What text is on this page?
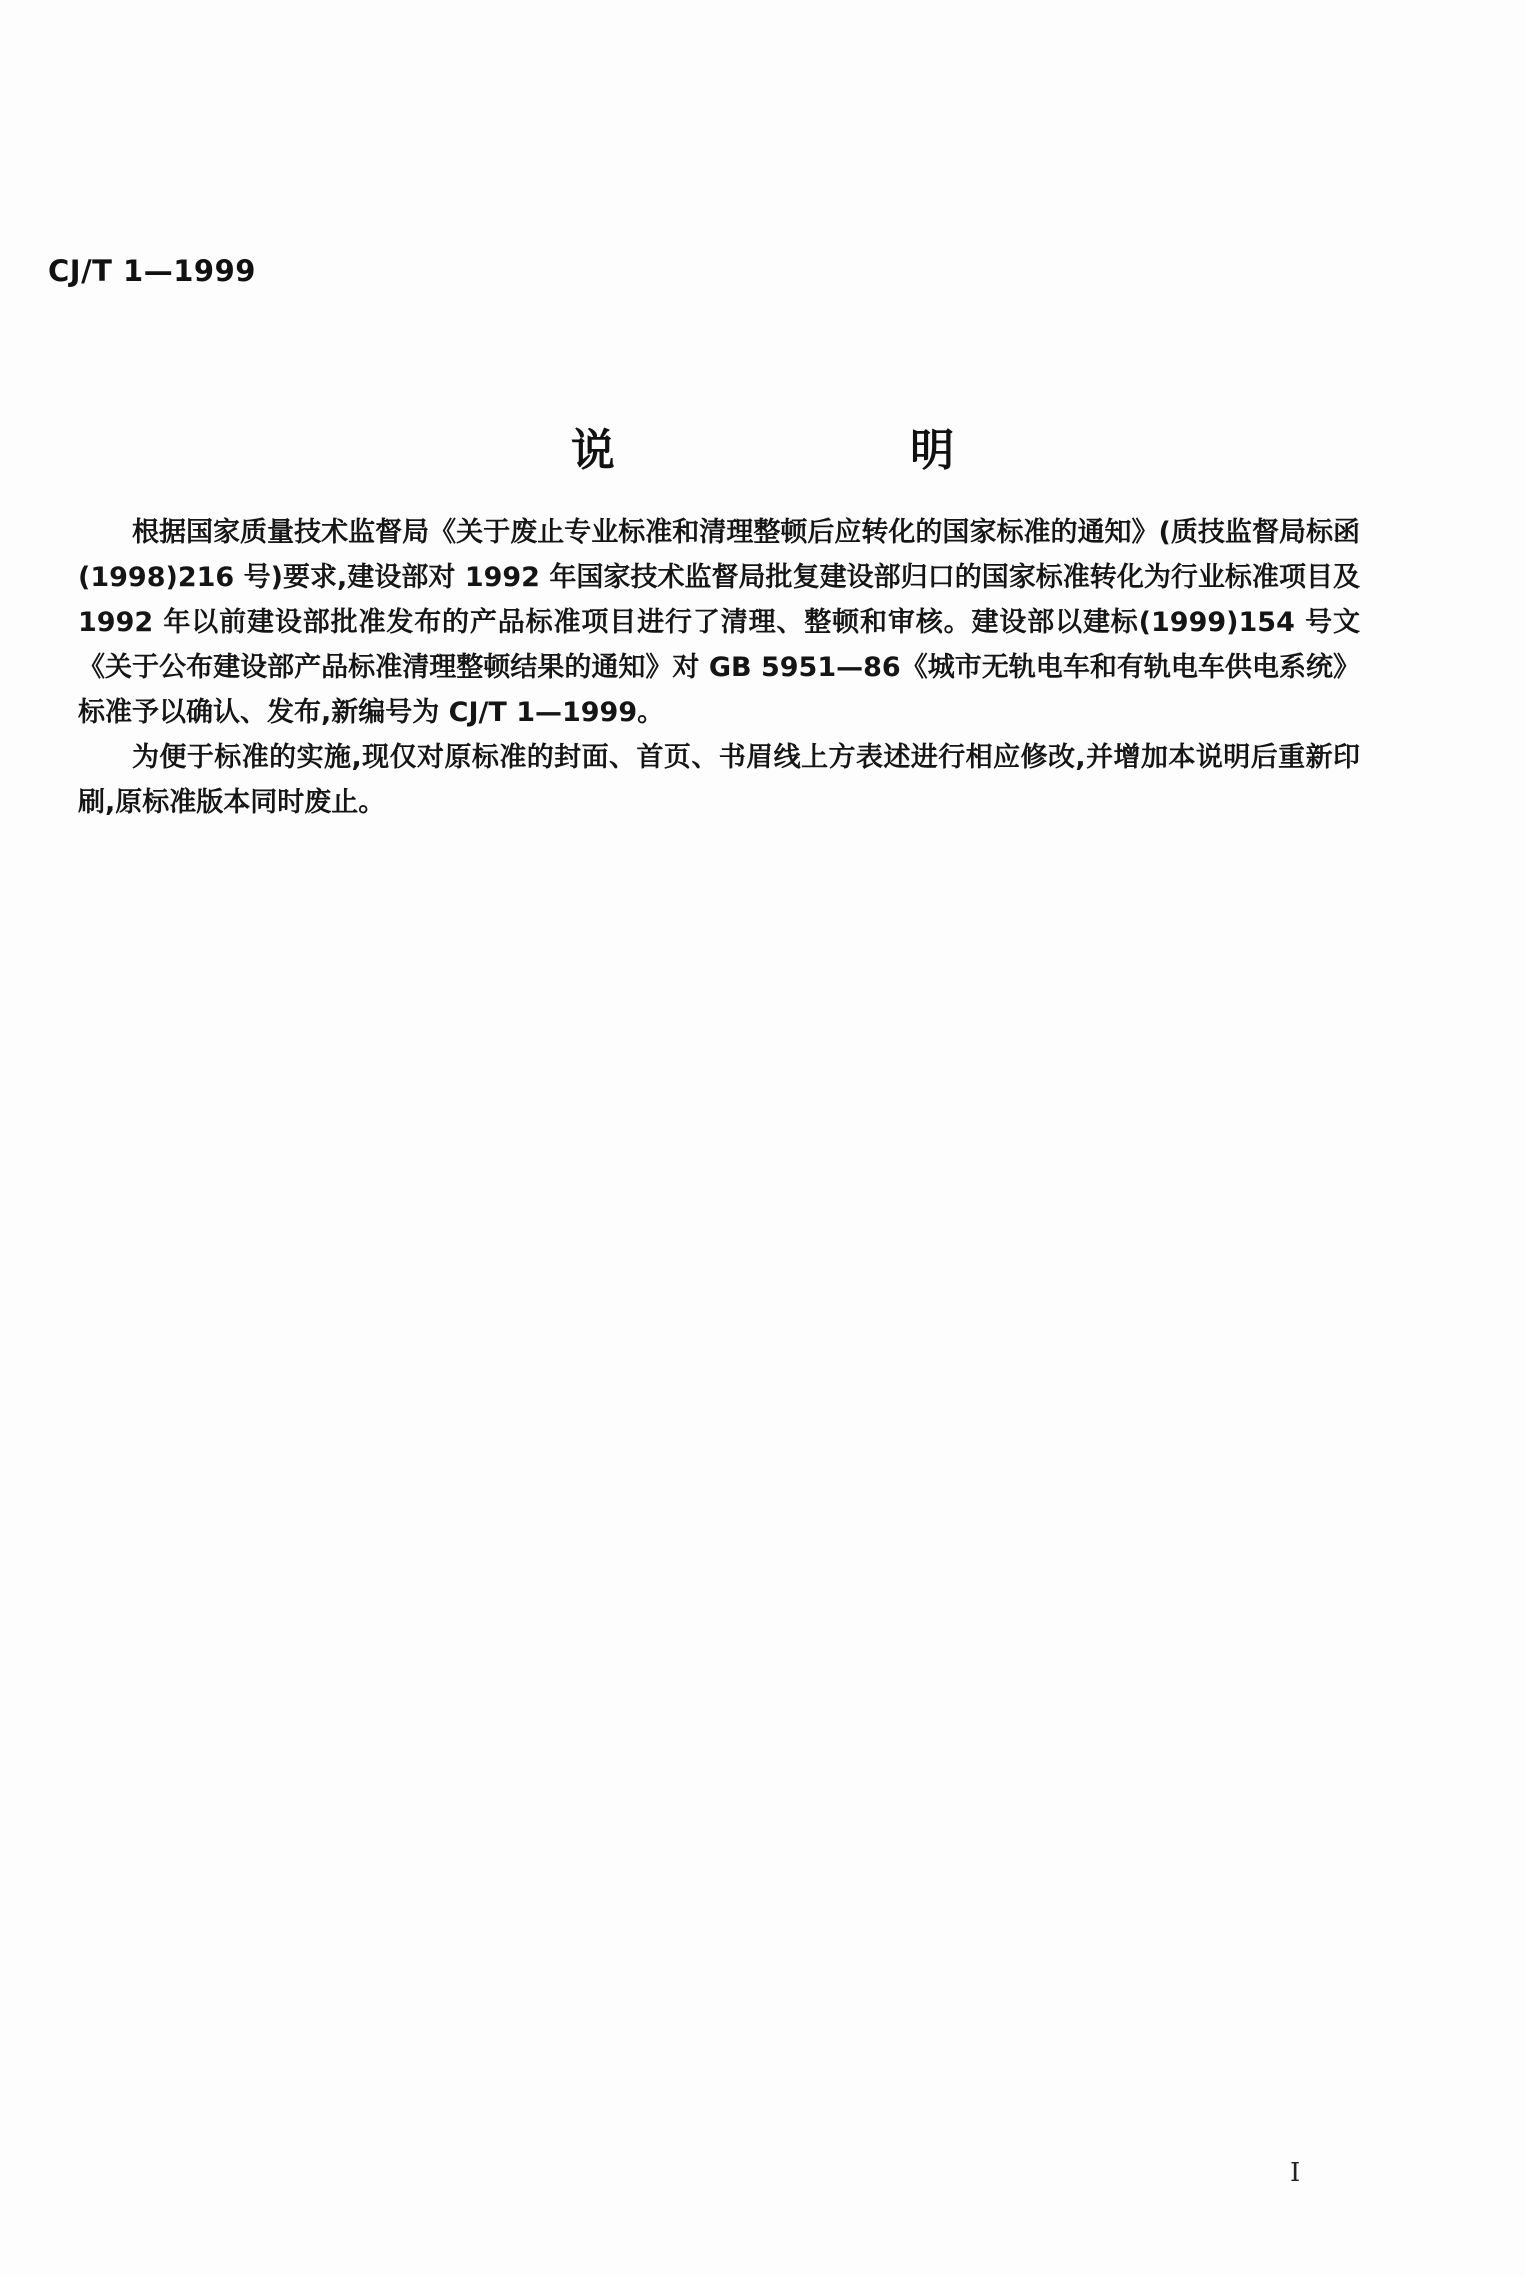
CJ/T 1—1999
说 明

根据国家质量技术监督局《关于废止专业标准和清理整顿后应转化的国家标准的通知》(质技监督局标函(1998)216 号)要求,建设部对 1992 年国家技术监督局批复建设部归口的国家标准转化为行业标准项目及 1992 年以前建设部批准发布的产品标准项目进行了清理、整顿和审核。建设部以建标(1999)154 号文《关于公布建设部产品标准清理整顿结果的通知》对 GB 5951—86《城市无轨电车和有轨电车供电系统》标准予以确认、发布,新编号为 CJ/T 1—1999。

为便于标准的实施,现仅对原标准的封面、首页、书眉线上方表述进行相应修改,并增加本说明后重新印刷,原标准版本同时废止。

I
